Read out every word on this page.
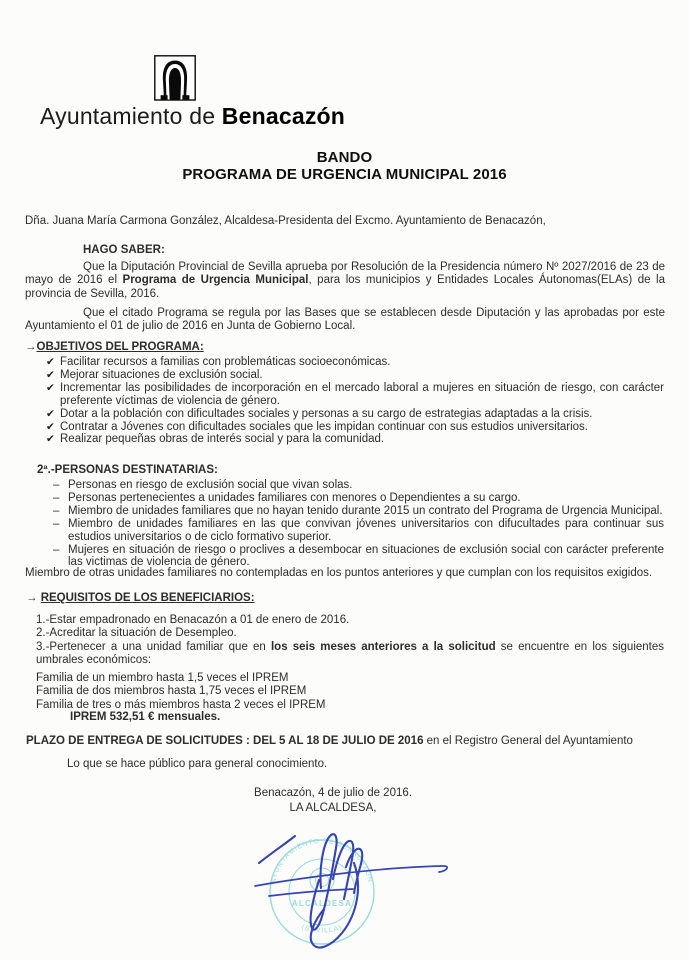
Ayuntamiento de Benacazón
BANDO
PROGRAMA DE URGENCIA MUNICIPAL 2016
Dña. Juana María Carmona González, Alcaldesa-Presidenta del Excmo. Ayuntamiento de Benacazón,
HAGO SABER:
Que la Diputación Provincial de Sevilla aprueba por Resolución de la Presidencia número Nº 2027/2016 de 23 de mayo de 2016 el Programa de Urgencia Municipal, para los municipios y Entidades Locales Áutonomas(ELAs) de la provincia de Sevilla, 2016.
Que el citado Programa se regula por las Bases que se establecen desde Diputación y las aprobadas por este Ayuntamiento el 01 de julio de 2016 en Junta de Gobierno Local.
→OBJETIVOS DEL PROGRAMA:
✔ Facilitar recursos a familias con problemáticas socioeconómicas.
✔ Mejorar situaciones de exclusión social.
✔ Incrementar las posibilidades de incorporación en el mercado laboral a mujeres en situación de riesgo, con carácter preferente víctimas de violencia de género.
✔ Dotar a la población con dificultades sociales y personas a su cargo de estrategias adaptadas a la crisis.
✔ Contratar a Jóvenes con dificultades sociales que les impidan continuar con sus estudios universitarios.
✔ Realizar pequeñas obras de interés social y para la comunidad.
2ª.-PERSONAS DESTINATARIAS:
– Personas en riesgo de exclusión social que vivan solas.
– Personas pertenecientes a unidades familiares con menores o Dependientes a su cargo.
– Miembro de unidades familiares que no hayan tenido durante 2015 un contrato del Programa de Urgencia Municipal.
– Miembro de unidades familiares en las que convivan jóvenes universitarios con difucultades para continuar sus estudios universitarios o de ciclo formativo superior.
– Mujeres en situación de riesgo o proclives a desembocar en situaciones de exclusión social con carácter preferente las victimas de violencia de género.
Miembro de otras unidades familiares no contempladas en los puntos anteriores y que cumplan con los requisitos exigidos.
→ REQUISITOS DE LOS BENEFICIARIOS:
1.-Estar empadronado en Benacazón a 01 de enero de 2016.
2.-Acreditar la situación de Desempleo.
3.-Pertenecer a una unidad familiar que en los seis meses anteriores a la solicitud se encuentre en los siguientes umbrales económicos:
Familia de un miembro hasta 1,5 veces el IPREM
Familia de dos miembros hasta 1,75 veces el IPREM
Familia de tres o más miembros hasta 2 veces el IPREM
IPREM 532,51 € mensuales.
PLAZO DE ENTREGA DE SOLICITUDES : DEL 5 AL 18 DE JULIO DE 2016 en el Registro General del Ayuntamiento
Lo que se hace público para general conocimiento.
Benacazón, 4 de julio de 2016.
LA ALCALDESA,
AYUNTAMIENTO DE BENACAZÓN
ALCALDESA
(SEVILLA)
